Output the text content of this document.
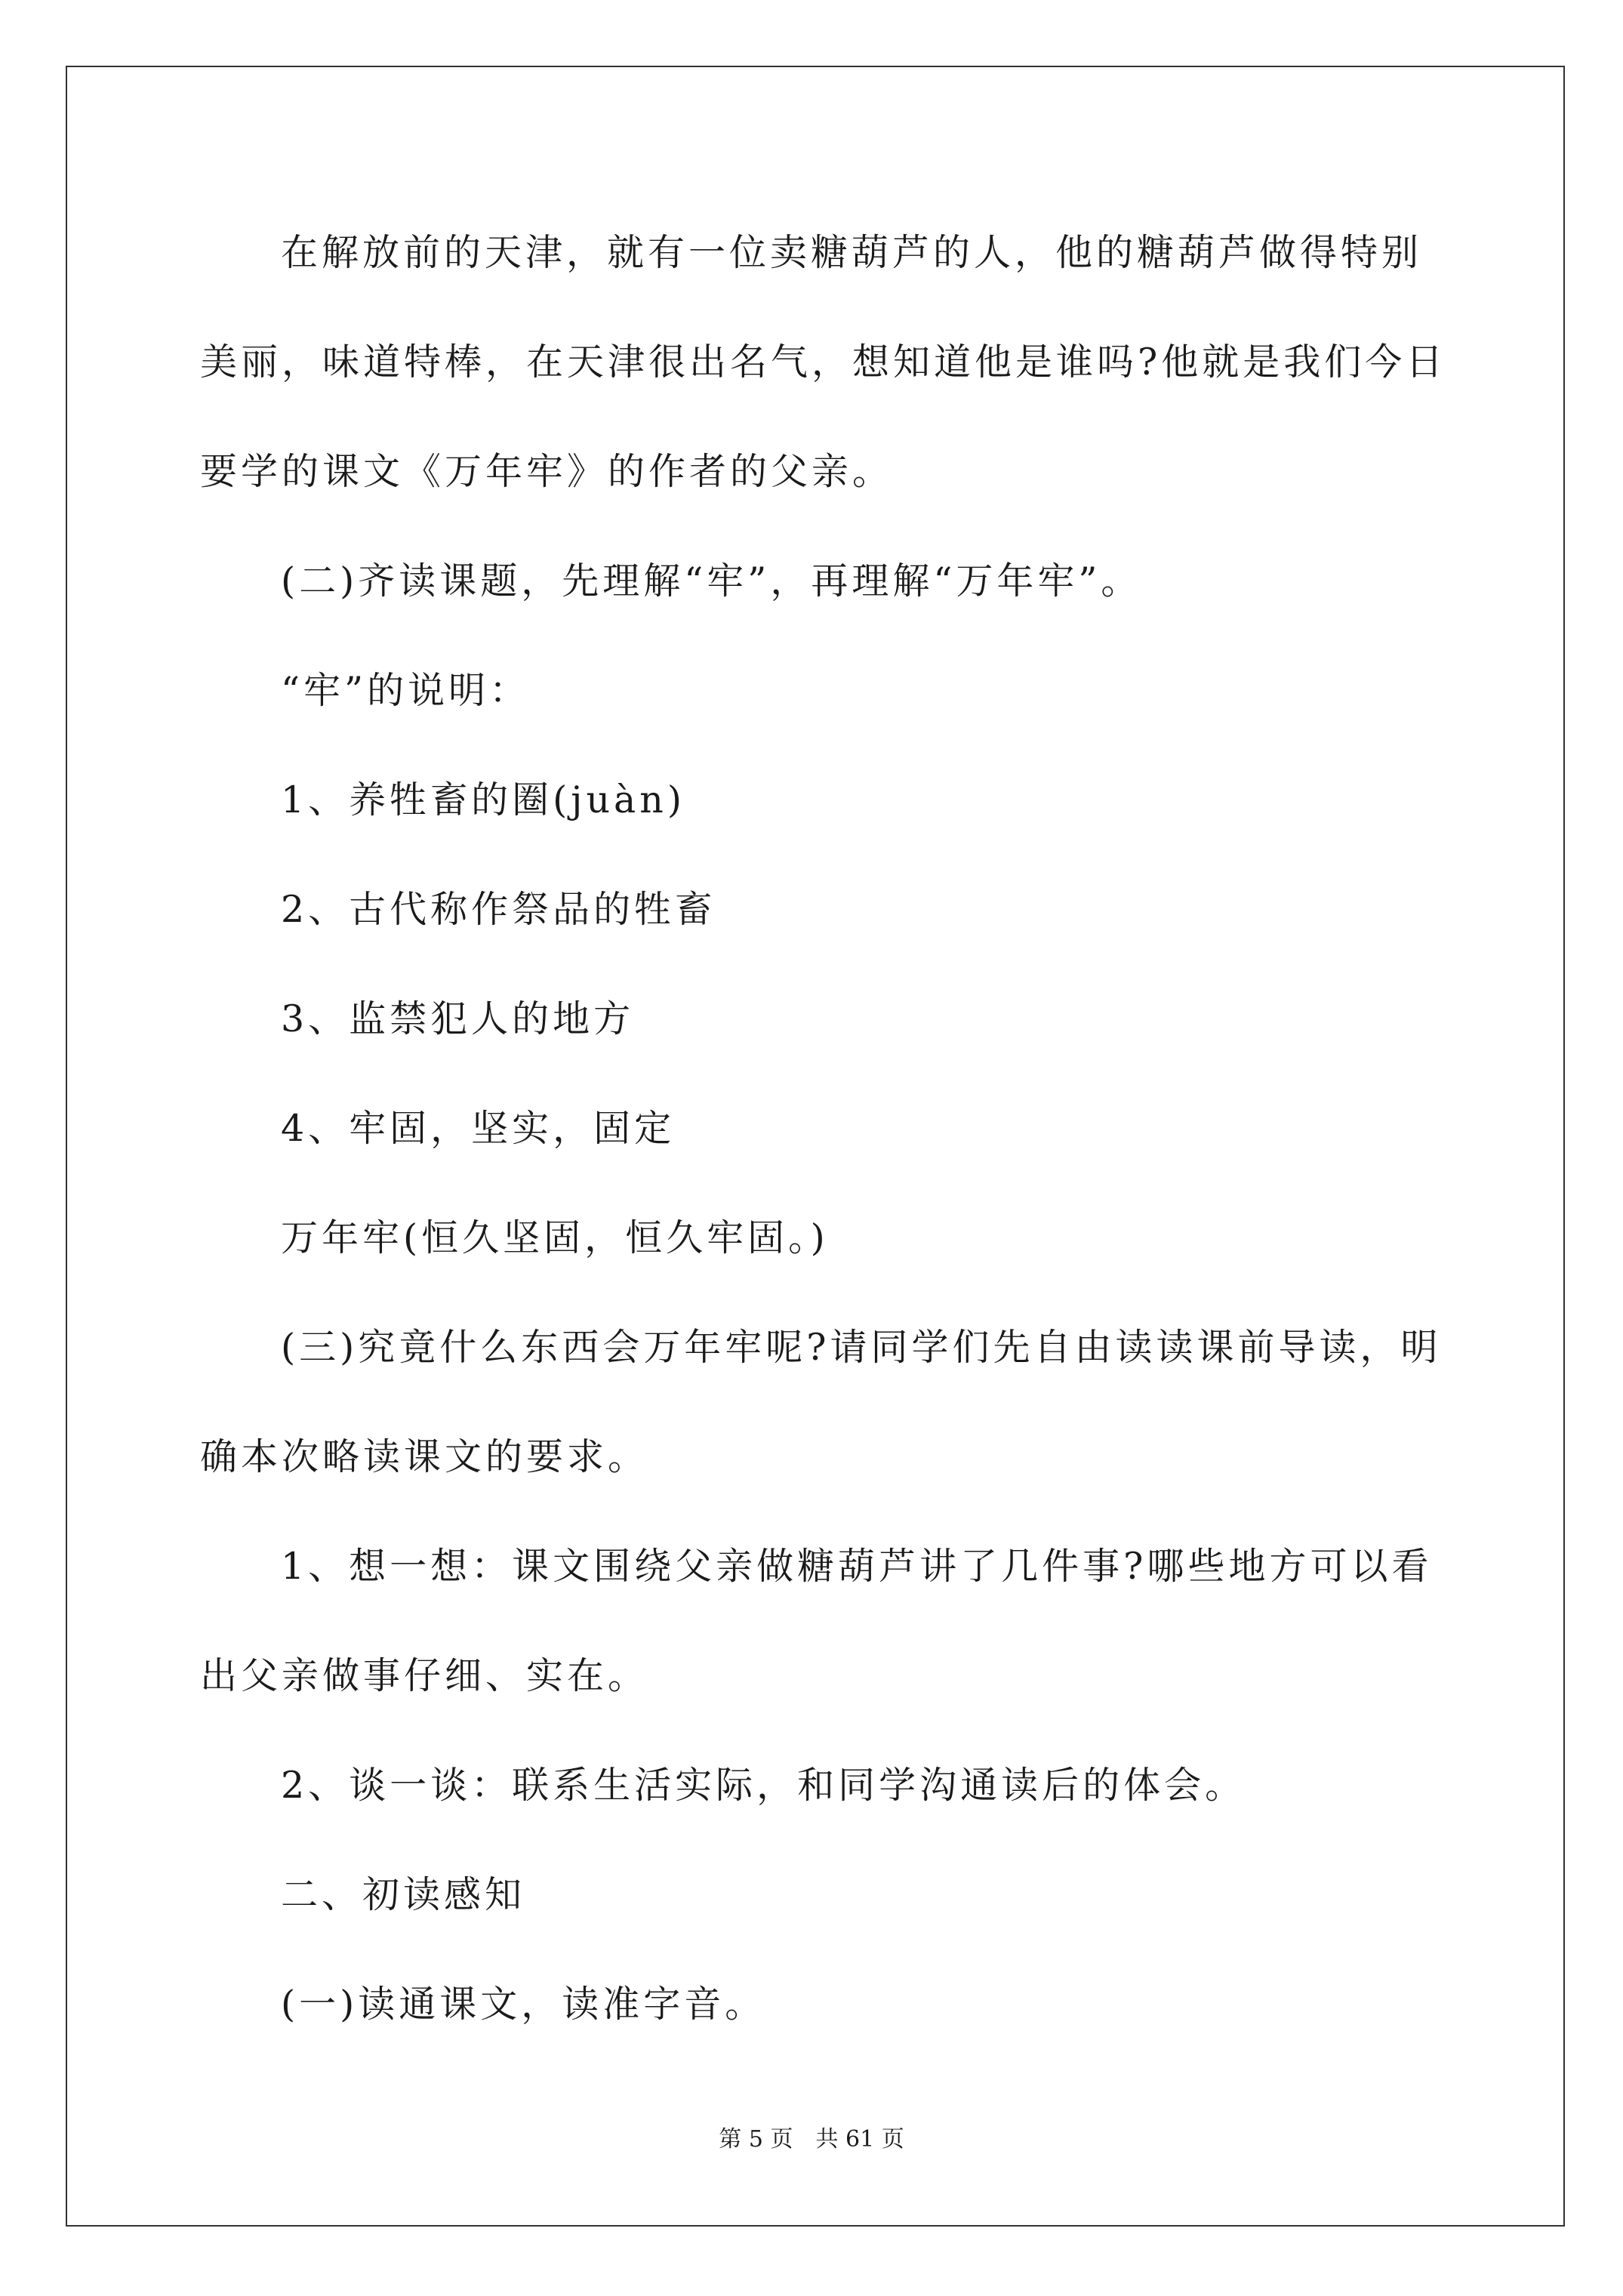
在解放前的天津，就有一位卖糖葫芦的人，他的糖葫芦做得特别
美丽，味道特棒，在天津很出名气，想知道他是谁吗?他就是我们今日
要学的课文《万年牢》的作者的父亲。
(二)齐读课题，先理解“牢”，再理解“万年牢”。
“牢”的说明：
1、养牲畜的圈(juàn)
2、古代称作祭品的牲畜
3、监禁犯人的地方
4、牢固，坚实，固定
万年牢(恒久坚固，恒久牢固。)
(三)究竟什么东西会万年牢呢?请同学们先自由读读课前导读，明
确本次略读课文的要求。
1、想一想：课文围绕父亲做糖葫芦讲了几件事?哪些地方可以看
出父亲做事仔细、实在。
2、谈一谈：联系生活实际，和同学沟通读后的体会。
二、初读感知
(一)读通课文，读准字音。
第 5 页　共 61 页
